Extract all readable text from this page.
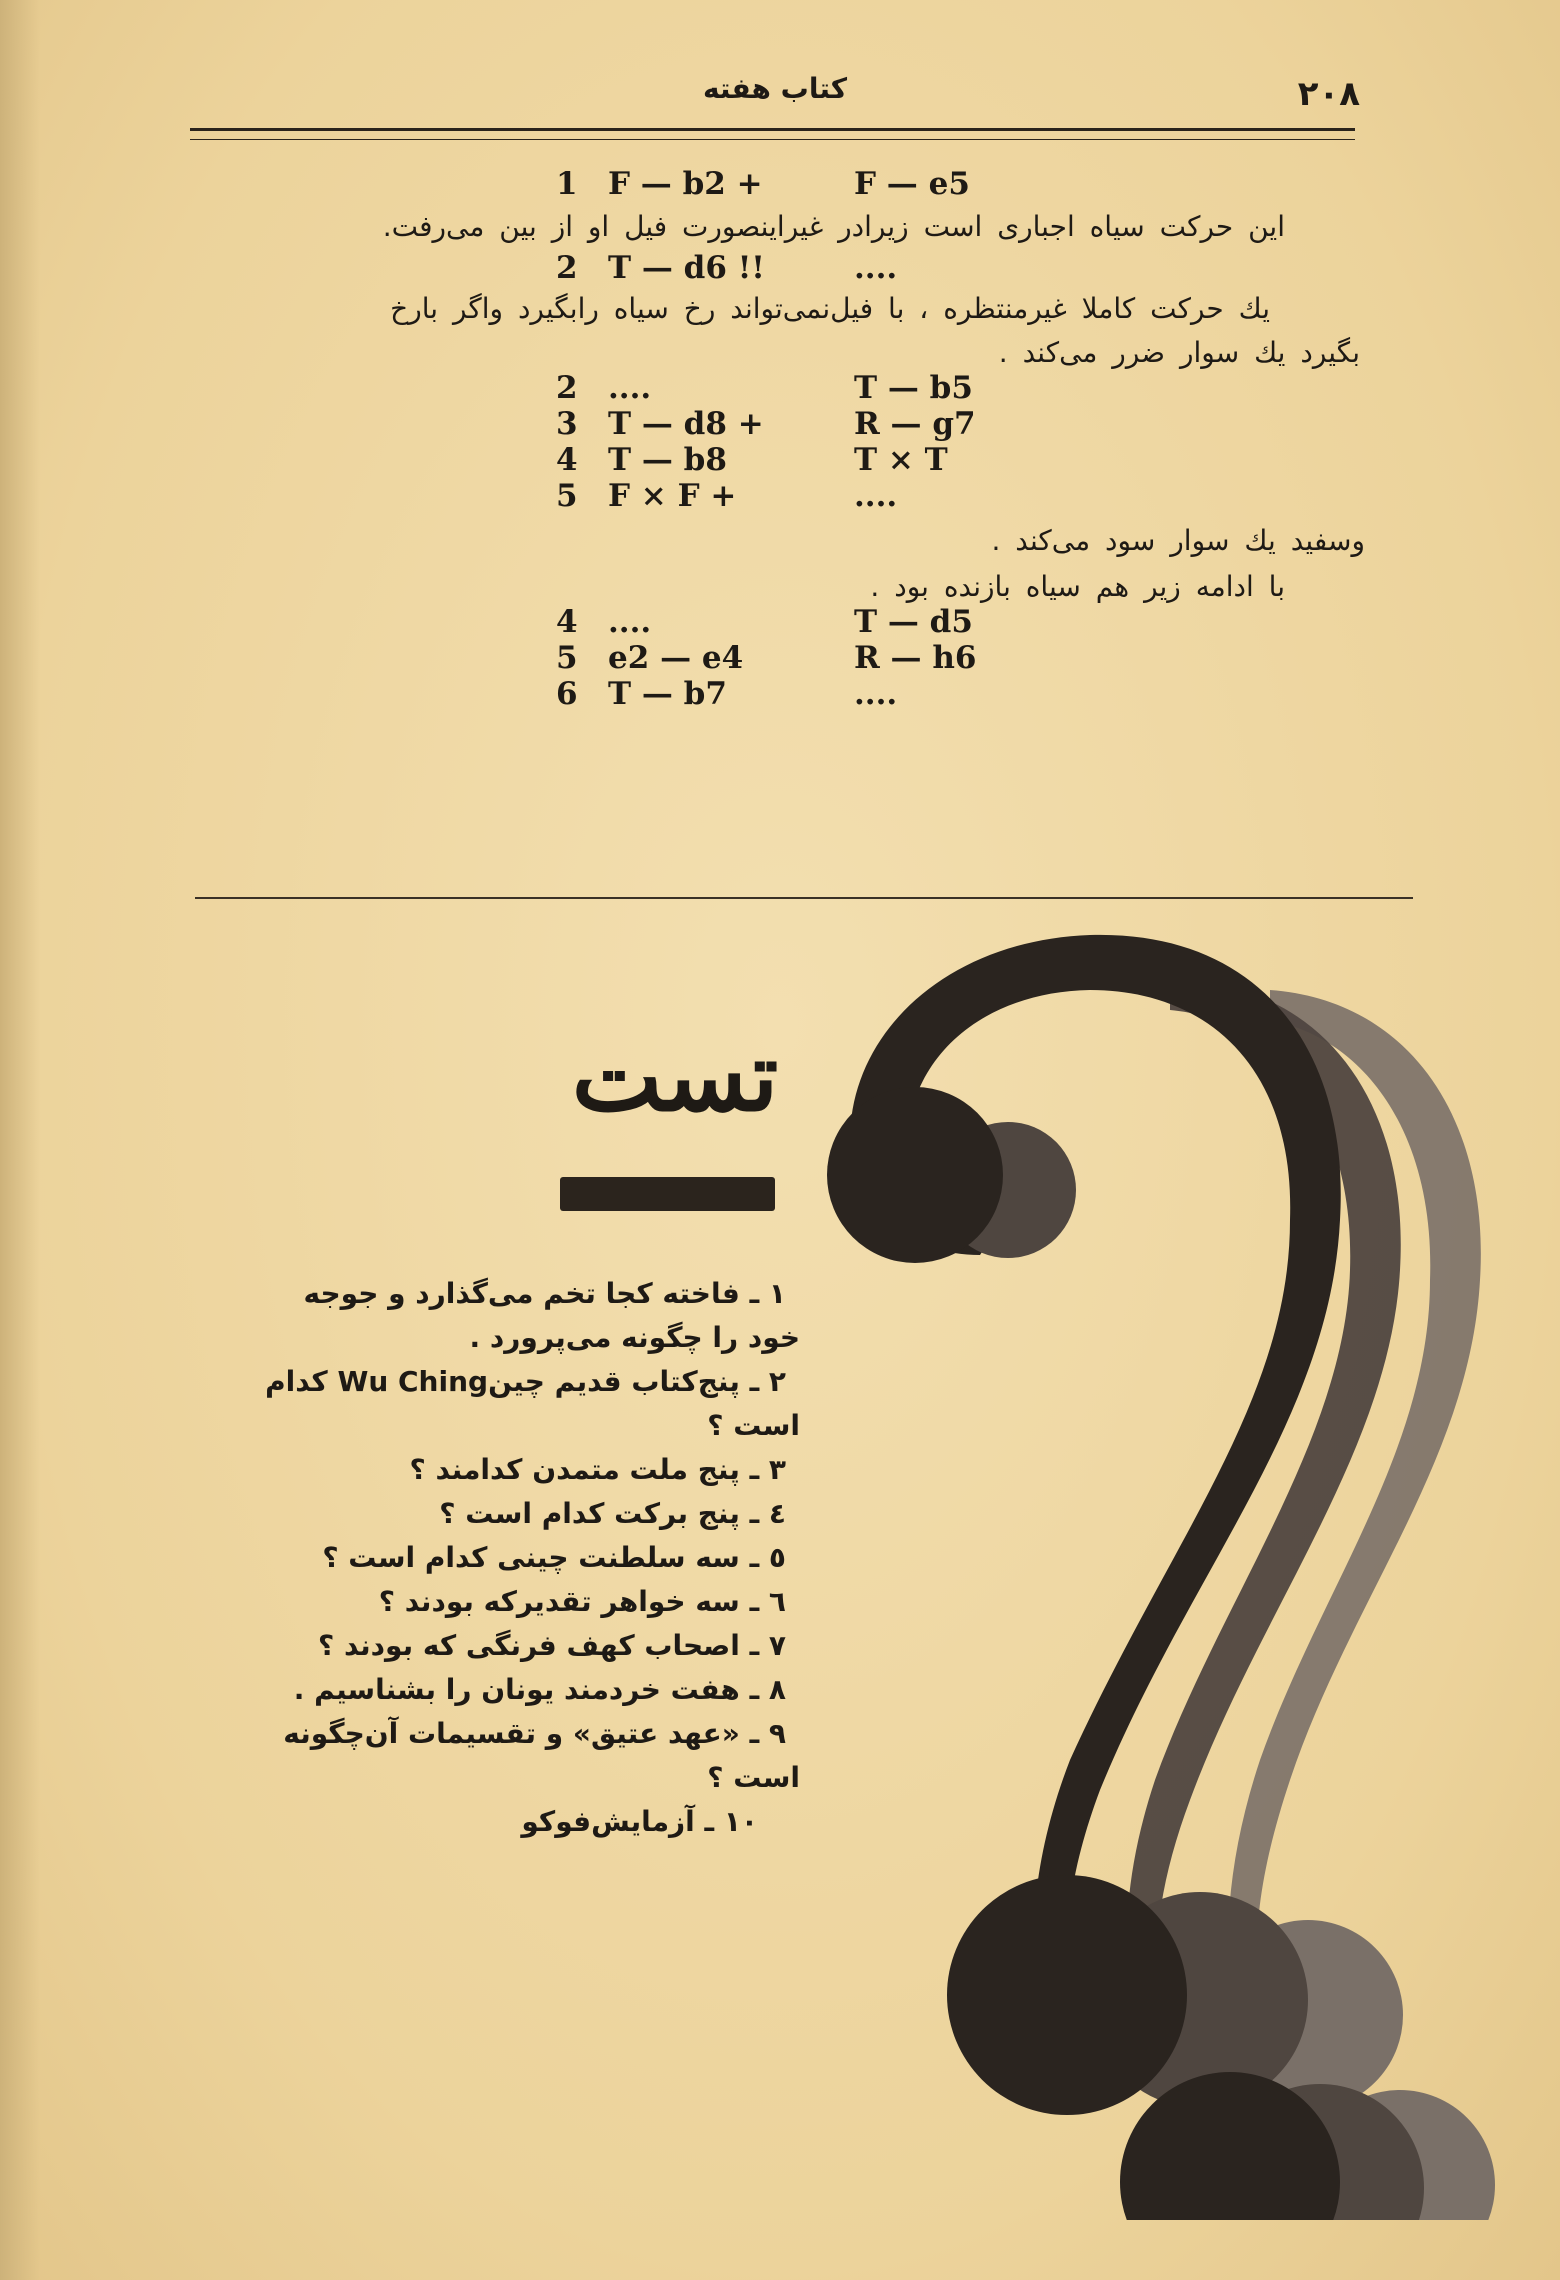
کتاب هفته	۲۰۸
1 F — b2 +	F — e5
این حرکت سیاه اجباری است زیرادر غیراینصورت فیل او از بین می‌رفت.
2 T — d6 !!	....
یك حرکت کاملا غیرمنتظره ، با فیل‌نمی‌تواند رخ سیاه رابگیرد واگر بارخ
بگیرد یك سوار ضرر می‌کند .
2 ....	T — b5
3 T — d8 +	R — g7
4 T — b8	T × T
5 F × F +	....
وسفید یك سوار سود می‌کند .
با ادامه زیر هم سیاه بازنده بود .
4 ....	T — d5
5 e2 — e4	R — h6
6 T — b7	....
تست
١ ـ فاخته کجا تخم می‌گذارد و جوجه
خود را چگونه می‌پرورد .
٢ ـ پنج‌کتاب قدیم چینWu Ching کدام
است ؟
٣ ـ پنج ملت متمدن کدامند ؟
٤ ـ پنج برکت کدام است ؟
٥ ـ سه سلطنت چینی کدام است ؟
٦ ـ سه خواهر تقدیرکه بودند ؟
٧ ـ اصحاب کهف فرنگی که بودند ؟
٨ ـ هفت خردمند یونان را بشناسیم .
٩ ـ «عهد عتیق» و تقسیمات آن‌چگونه
است ؟
١٠ ـ آزمایش‌فوکو
